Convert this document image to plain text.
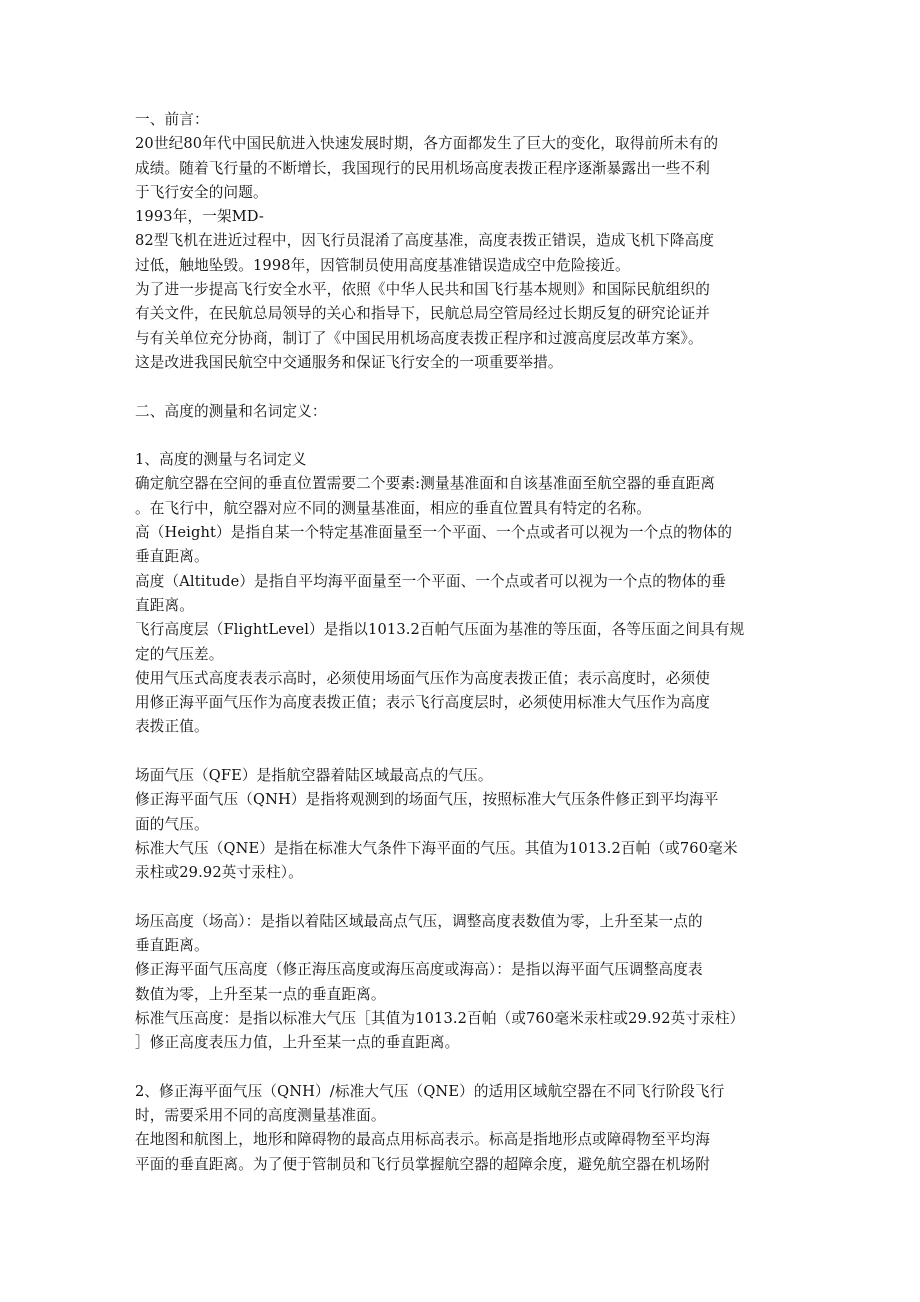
一、前言：
20世纪80年代中国民航进入快速发展时期，各方面都发生了巨大的变化，取得前所未有的
成绩。随着飞行量的不断增长，我国现行的民用机场高度表拨正程序逐渐暴露出一些不利
于飞行安全的问题。
1993年，一架MD-
82型飞机在进近过程中，因飞行员混淆了高度基准，高度表拨正错误，造成飞机下降高度
过低，触地坠毁。1998年，因管制员使用高度基准错误造成空中危险接近。
为了进一步提高飞行安全水平，依照《中华人民共和国飞行基本规则》和国际民航组织的
有关文件，在民航总局领导的关心和指导下，民航总局空管局经过长期反复的研究论证并
与有关单位充分协商，制订了《中国民用机场高度表拨正程序和过渡高度层改革方案》。
这是改进我国民航空中交通服务和保证飞行安全的一项重要举措。
二、高度的测量和名词定义：
1、高度的测量与名词定义
确定航空器在空间的垂直位置需要二个要素:测量基准面和自该基准面至航空器的垂直距离
。在飞行中，航空器对应不同的测量基准面，相应的垂直位置具有特定的名称。
高（Height）是指自某一个特定基准面量至一个平面、一个点或者可以视为一个点的物体的
垂直距离。
高度（Altitude）是指自平均海平面量至一个平面、一个点或者可以视为一个点的物体的垂
直距离。
飞行高度层（FlightLevel）是指以1013.2百帕气压面为基准的等压面，各等压面之间具有规
定的气压差。
使用气压式高度表表示高时，必须使用场面气压作为高度表拨正值；表示高度时，必须使
用修正海平面气压作为高度表拨正值；表示飞行高度层时，必须使用标准大气压作为高度
表拨正值。
场面气压（QFE）是指航空器着陆区域最高点的气压。
修正海平面气压（QNH）是指将观测到的场面气压，按照标准大气压条件修正到平均海平
面的气压。
标准大气压（QNE）是指在标准大气条件下海平面的气压。其值为1013.2百帕（或760毫米
汞柱或29.92英寸汞柱）。
场压高度（场高）：是指以着陆区域最高点气压，调整高度表数值为零，上升至某一点的
垂直距离。
修正海平面气压高度（修正海压高度或海压高度或海高）：是指以海平面气压调整高度表
数值为零，上升至某一点的垂直距离。
标准气压高度：是指以标准大气压［其值为1013.2百帕（或760毫米汞柱或29.92英寸汞柱）
］修正高度表压力值，上升至某一点的垂直距离。
2、修正海平面气压（QNH）/标准大气压（QNE）的适用区域航空器在不同飞行阶段飞行
时，需要采用不同的高度测量基准面。
在地图和航图上，地形和障碍物的最高点用标高表示。标高是指地形点或障碍物至平均海
平面的垂直距离。为了便于管制员和飞行员掌握航空器的超障余度，避免航空器在机场附
